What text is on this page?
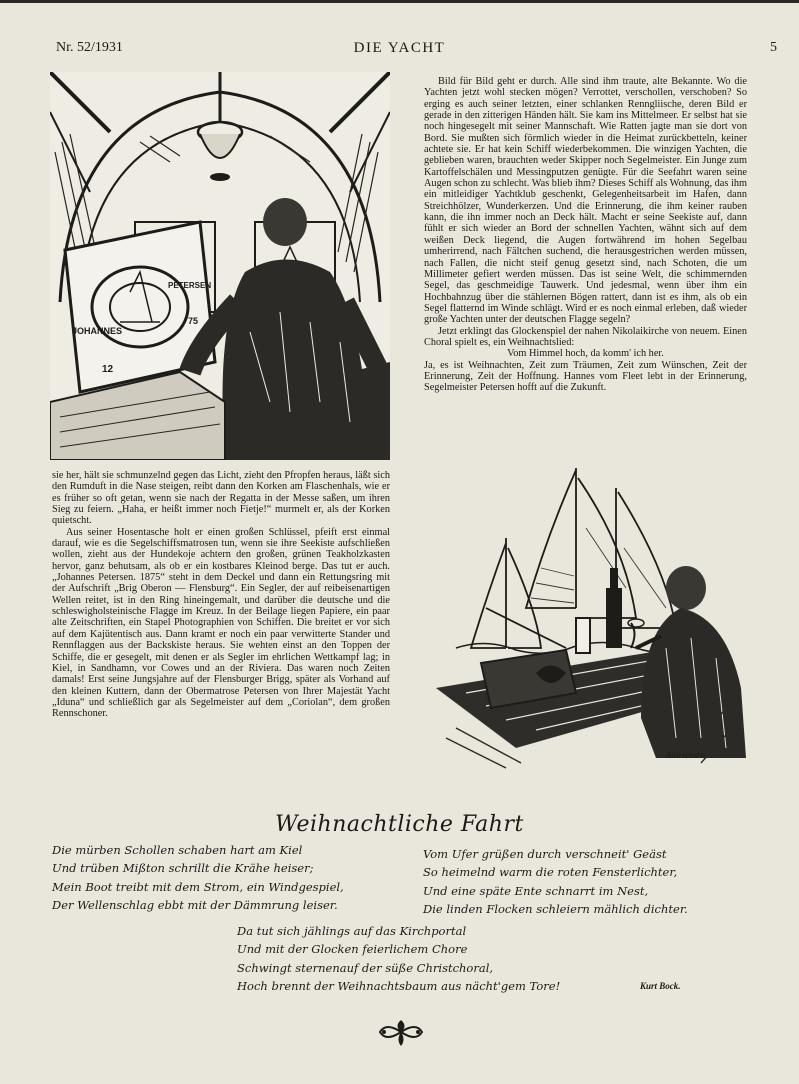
Nr. 52/1931	DIE YACHT	5
JOHANNES
PETERSEN
75
12

Bild für Bild geht er durch. Alle sind ihm traute, alte Bekannte. Wo die Yachten jetzt wohl stecken mögen? Verrottet, verschollen, verschoben? So erging es auch seiner letzten, einer schlanken Renngliische, deren Bild er gerade in den zitterigen Händen hält. Sie kam ins Mittelmeer. Er selbst hat sie noch hingesegelt mit seiner Mannschaft. Wie Ratten jagte man sie dort von Bord. Sie mußten sich förmlich wieder in die Heimat zurückbetteln, keiner achtete sie. Er hat kein Schiff wiederbekommen. Die winzigen Yachten, die geblieben waren, brauchten weder Skipper noch Segelmeister. Ein Junge zum Kartoffelschälen und Messingputzen genügte. Für die Seefahrt waren seine Augen schon zu schlecht. Was blieb ihm? Dieses Schiff als Wohnung, das ihm ein mitleidiger Yachtklub geschenkt, Gelegenheitsarbeit im Hafen, dann Streichhölzer, Wunderkerzen. Und die Erinnerung, die ihm keiner rauben kann, die ihn immer noch an Deck hält. Macht er seine Seekiste auf, dann fühlt er sich wieder an Bord der schnellen Yachten, wähnt sich auf dem weißen Deck liegend, die Augen fortwährend im hohen Segelbau umherirrend, nach Fältchen suchend, die herausgestrichen werden müssen, nach Fallen, die nicht steif genug gesetzt sind, nach Schoten, die um Millimeter gefiert werden müssen. Das ist seine Welt, die schimmernden Segel, das geschmeidige Tauwerk. Und jedesmal, wenn über ihm ein Hochbahnzug über die stählernen Bögen rattert, dann ist es ihm, als ob ein Segel flatternd im Winde schlägt. Wird er es noch einmal erleben, daß wieder große Yachten unter der deutschen Flagge segeln?

Jetzt erklingt das Glockenspiel der nahen Nikolaikirche von neuem. Einen Choral spielt es, ein Weihnachtslied:

Vom Himmel hoch, da komm' ich her.

Ja, es ist Weihnachten, Zeit zum Träumen, Zeit zum Wünschen, Zeit der Erinnerung, Zeit der Hoffnung. Hannes vom Fleet lebt in der Erinnerung, Segelmeister Petersen hofft auf die Zukunft.

sie her, hält sie schmunzelnd gegen das Licht, zieht den Pfropfen heraus, läßt sich den Rumduft in die Nase steigen, reibt dann den Korken am Flaschenhals, wie er es früher so oft getan, wenn sie nach der Regatta in der Messe saßen, um ihren Sieg zu feiern. „Haha, er heißt immer noch Fietje!“ murmelt er, als der Korken quietscht.

Aus seiner Hosentasche holt er einen großen Schlüssel, pfeift erst einmal darauf, wie es die Segelschiffsmatrosen tun, wenn sie ihre Seekiste aufschließen wollen, zieht aus der Hundekoje achtern den großen, grünen Teakholzkasten hervor, ganz behutsam, als ob er ein kostbares Kleinod berge. Das tut er auch. „Johannes Petersen. 1875“ steht in dem Deckel und dann ein Rettungsring mit der Aufschrift „Brig Oberon — Flensburg“. Ein Segler, der auf reibeisenartigen Wellen reitet, ist in den Ring hineingemalt, und darüber die deutsche und die schleswigholsteinische Flagge im Kreuz. In der Beilage liegen Papiere, ein paar alte Zeitschriften, ein Stapel Photographien von Schiffen. Die breitet er vor sich auf dem Kajütentisch aus. Dann kramt er noch ein paar verwitterte Stander und Rennflaggen aus der Backskiste heraus. Sie wehten einst an den Toppen der Schiffe, die er gesegelt, mit denen er als Segler im ehrlichen Wettkampf lag; in Kiel, in Sandhamn, vor Cowes und an der Riviera. Das waren noch Zeiten damals! Erst seine Jungsjahre auf der Flensburger Brigg, später als Vorhand auf den kleinen Kuttern, dann der Obermatrose Petersen von Ihrer Majestät Yacht „Iduna“ und schließlich gar als Segelmeister auf dem „Coriolan“, dem großen Rennschoner.

Ahlrichsen
Weihnachtliche Fahrt
Die mürben Schollen schaben hart am Kiel
Und trüben Mißton schrillt die Krähe heiser;
Mein Boot treibt mit dem Strom, ein Windgespiel,
Der Wellenschlag ebbt mit der Dämmrung leiser.
Vom Ufer grüßen durch verschneit' Geäst
So heimelnd warm die roten Fensterlichter,
Und eine späte Ente schnarrt im Nest,
Die linden Flocken schleiern mählich dichter.
Da tut sich jählings auf das Kirchportal
Und mit der Glocken feierlichem Chore
Schwingt sternenauf der süße Christchoral,
Hoch brennt der Weihnachtsbaum aus nächt'gem Tore!	Kurt Bock.
